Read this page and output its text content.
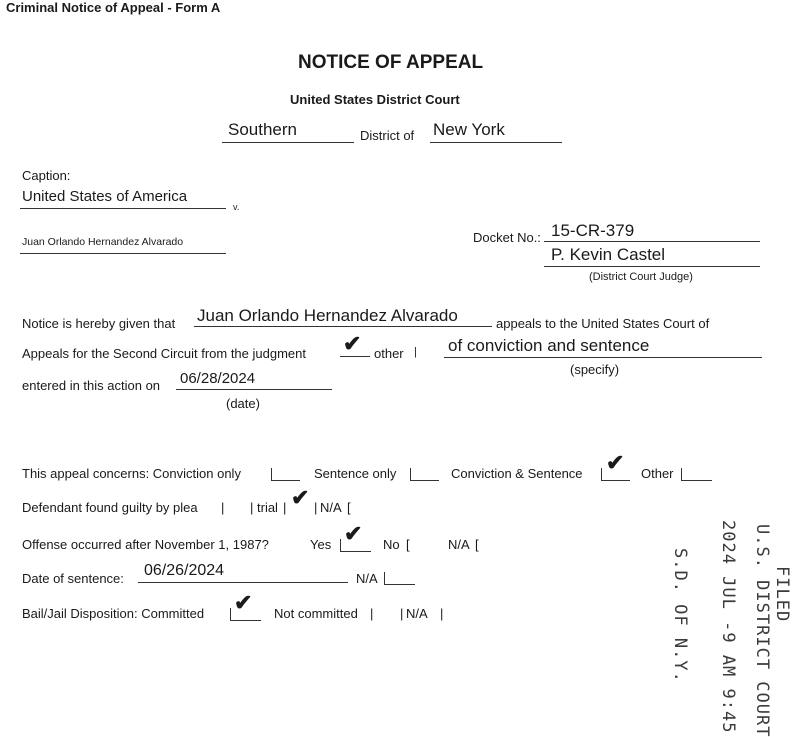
Criminal Notice of Appeal - Form A
NOTICE OF APPEAL
United States District Court
Southern	District of New York
Caption:
United States of America
v.
Juan Orlando Hernandez Alvarado	Docket No.: 15-CR-379
P. Kevin Castel
(District Court Judge)
Notice is hereby given that Juan Orlando Hernandez Alvarado	appeals to the United States Court of
Appeals for the Second Circuit from the judgment ✔ other | of conviction and sentence
(specify)
entered in this action on 06/28/2024
(date)
This appeal concerns: Conviction only	Sentence only	Conviction & Sentence ✔ Other
Defendant found guilty by plea | | trial | ✔ | N/A [
Offense occurred after November 1, 1987?	Yes ✔ No [	N/A [
Date of sentence: 06/26/2024	N/A
Bail/Jail Disposition: Committed ✔ Not committed | | N/A |	FILED
U.S. DISTRICT COURT
2024 JUL -9 AM 9:45
S.D. OF N.Y.
